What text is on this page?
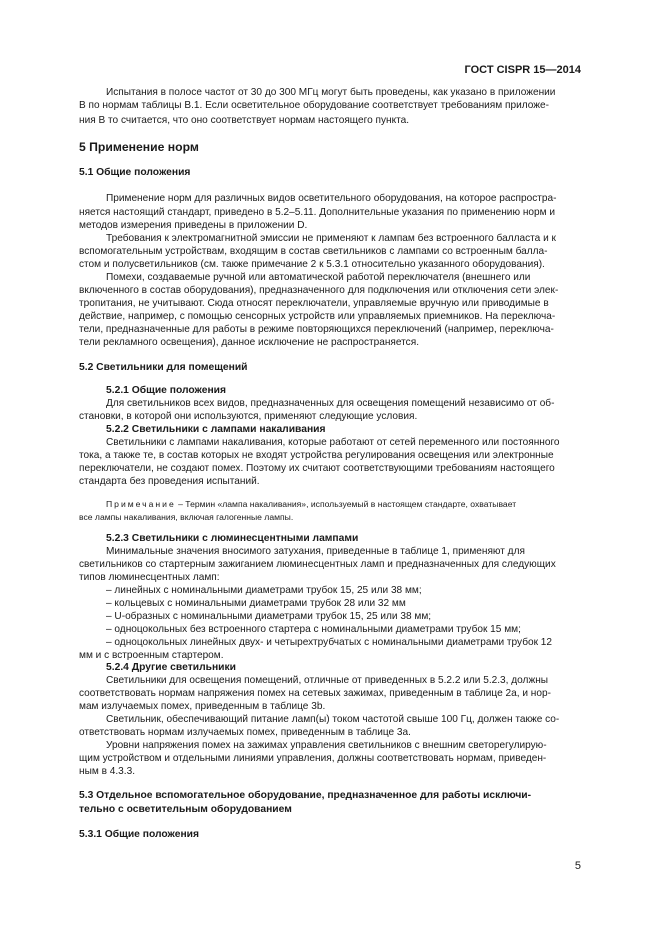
ГОСТ CISPR 15—2014
Испытания в полосе частот от 30 до 300 МГц могут быть проведены, как указано в приложении
В по нормам таблицы В.1. Если осветительное оборудование соответствует требованиям приложе-
ния В то считается, что оно соответствует нормам настоящего пункта.
5 Применение норм
5.1 Общие положения
Применение норм для различных видов осветительного оборудования, на которое распростра-
няется настоящий стандарт, приведено в 5.2–5.11. Дополнительные указания по применению норм и
методов измерения приведены в приложении D.
Требования к электромагнитной эмиссии не применяют к лампам без встроенного балласта и к
вспомогательным устройствам, входящим в состав светильников с лампами со встроенным балла-
стом и полусветильников (см. также примечание 2 к 5.3.1 относительно указанного оборудования).
Помехи, создаваемые ручной или автоматической работой переключателя (внешнего или
включенного в состав оборудования), предназначенного для подключения или отключения сети элек-
тропитания, не учитывают. Сюда относят переключатели, управляемые вручную или приводимые в
действие, например, с помощью сенсорных устройств или управляемых приемников. На переключа-
тели, предназначенные для работы в режиме повторяющихся переключений (например, переключа-
тели рекламного освещения), данное исключение не распространяется.
5.2 Светильники для помещений
5.2.1 Общие положения
Для светильников всех видов, предназначенных для освещения помещений независимо от об-
становки, в которой они используются, применяют следующие условия.
5.2.2 Светильники с лампами накаливания
Светильники с лампами накаливания, которые работают от сетей переменного или постоянного
тока, а также те, в состав которых не входят устройства регулирования освещения или электронные
переключатели, не создают помех. Поэтому их считают соответствующими требованиям настоящего
стандарта без проведения испытаний.
Примечание – Термин «лампа накаливания», используемый в настоящем стандарте, охватывает
все лампы накаливания, включая галогенные лампы.
5.2.3 Светильники с люминесцентными лампами
Минимальные значения вносимого затухания, приведенные в таблице 1, применяют для
светильников со стартерным зажиганием люминесцентных ламп и предназначенных для следующих
типов люминесцентных ламп:
– линейных с номинальными диаметрами трубок 15, 25 или 38 мм;
– кольцевых с номинальными диаметрами трубок 28 или 32 мм
– U-образных с номинальными диаметрами трубок 15, 25 или 38 мм;
– одноцокольных без встроенного стартера с номинальными диаметрами трубок 15 мм;
– одноцокольных линейных двух- и четырехтрубчатых с номинальными диаметрами трубок 12
мм и с встроенным стартером.
5.2.4 Другие светильники
Светильники для освещения помещений, отличные от приведенных в 5.2.2 или 5.2.3, должны
соответствовать нормам напряжения помех на сетевых зажимах, приведенным в таблице 2а, и нор-
мам излучаемых помех, приведенным в таблице 3b.
Светильник, обеспечивающий питание ламп(ы) током частотой свыше 100 Гц, должен также со-
ответствовать нормам излучаемых помех, приведенным в таблице 3а.
Уровни напряжения помех на зажимах управления светильников с внешним светорегулирую-
щим устройством и отдельными линиями управления, должны соответствовать нормам, приведен-
ным в 4.3.3.
5.3 Отдельное вспомогательное оборудование, предназначенное для работы исключи-
тельно с осветительным оборудованием
5.3.1 Общие положения
5
